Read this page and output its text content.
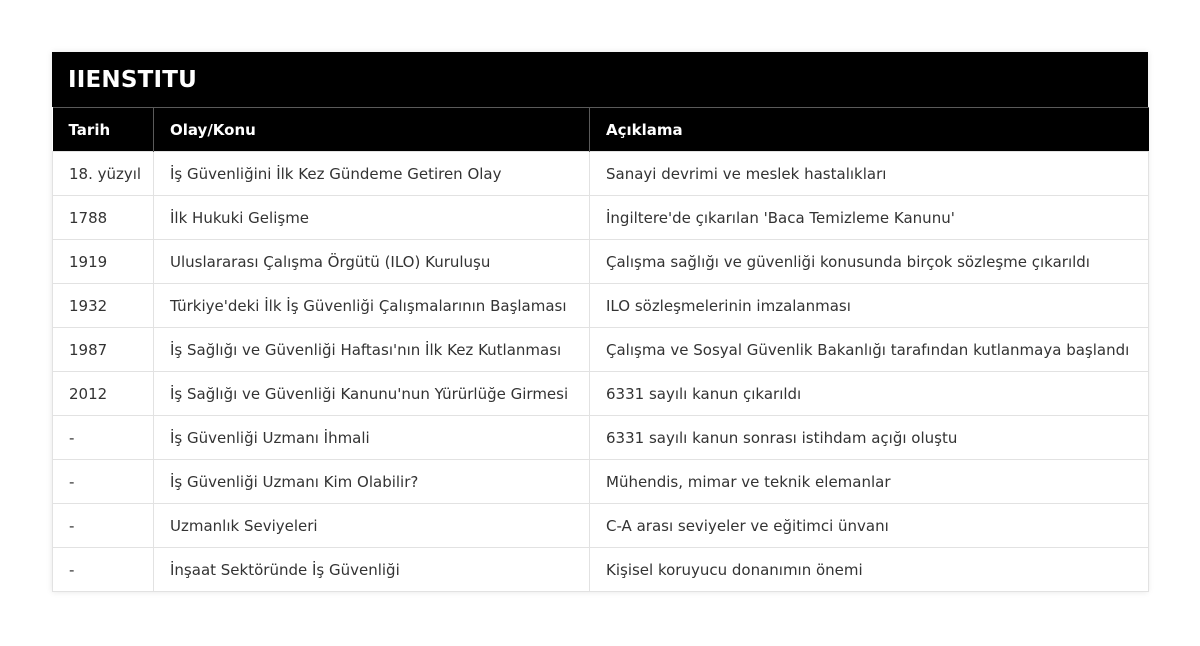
IIENSTITU
Tarih	Olay/Konu	Açıklama
18. yüzyıl	İş Güvenliğini İlk Kez Gündeme Getiren Olay	Sanayi devrimi ve meslek hastalıkları
1788	İlk Hukuki Gelişme	İngiltere'de çıkarılan 'Baca Temizleme Kanunu'
1919	Uluslararası Çalışma Örgütü (ILO) Kuruluşu	Çalışma sağlığı ve güvenliği konusunda birçok sözleşme çıkarıldı
1932	Türkiye'deki İlk İş Güvenliği Çalışmalarının Başlaması	ILO sözleşmelerinin imzalanması
1987	İş Sağlığı ve Güvenliği Haftası'nın İlk Kez Kutlanması	Çalışma ve Sosyal Güvenlik Bakanlığı tarafından kutlanmaya başlandı
2012	İş Sağlığı ve Güvenliği Kanunu'nun Yürürlüğe Girmesi	6331 sayılı kanun çıkarıldı
-	İş Güvenliği Uzmanı İhmali	6331 sayılı kanun sonrası istihdam açığı oluştu
-	İş Güvenliği Uzmanı Kim Olabilir?	Mühendis, mimar ve teknik elemanlar
-	Uzmanlık Seviyeleri	C-A arası seviyeler ve eğitimci ünvanı
-	İnşaat Sektöründe İş Güvenliği	Kişisel koruyucu donanımın önemi
